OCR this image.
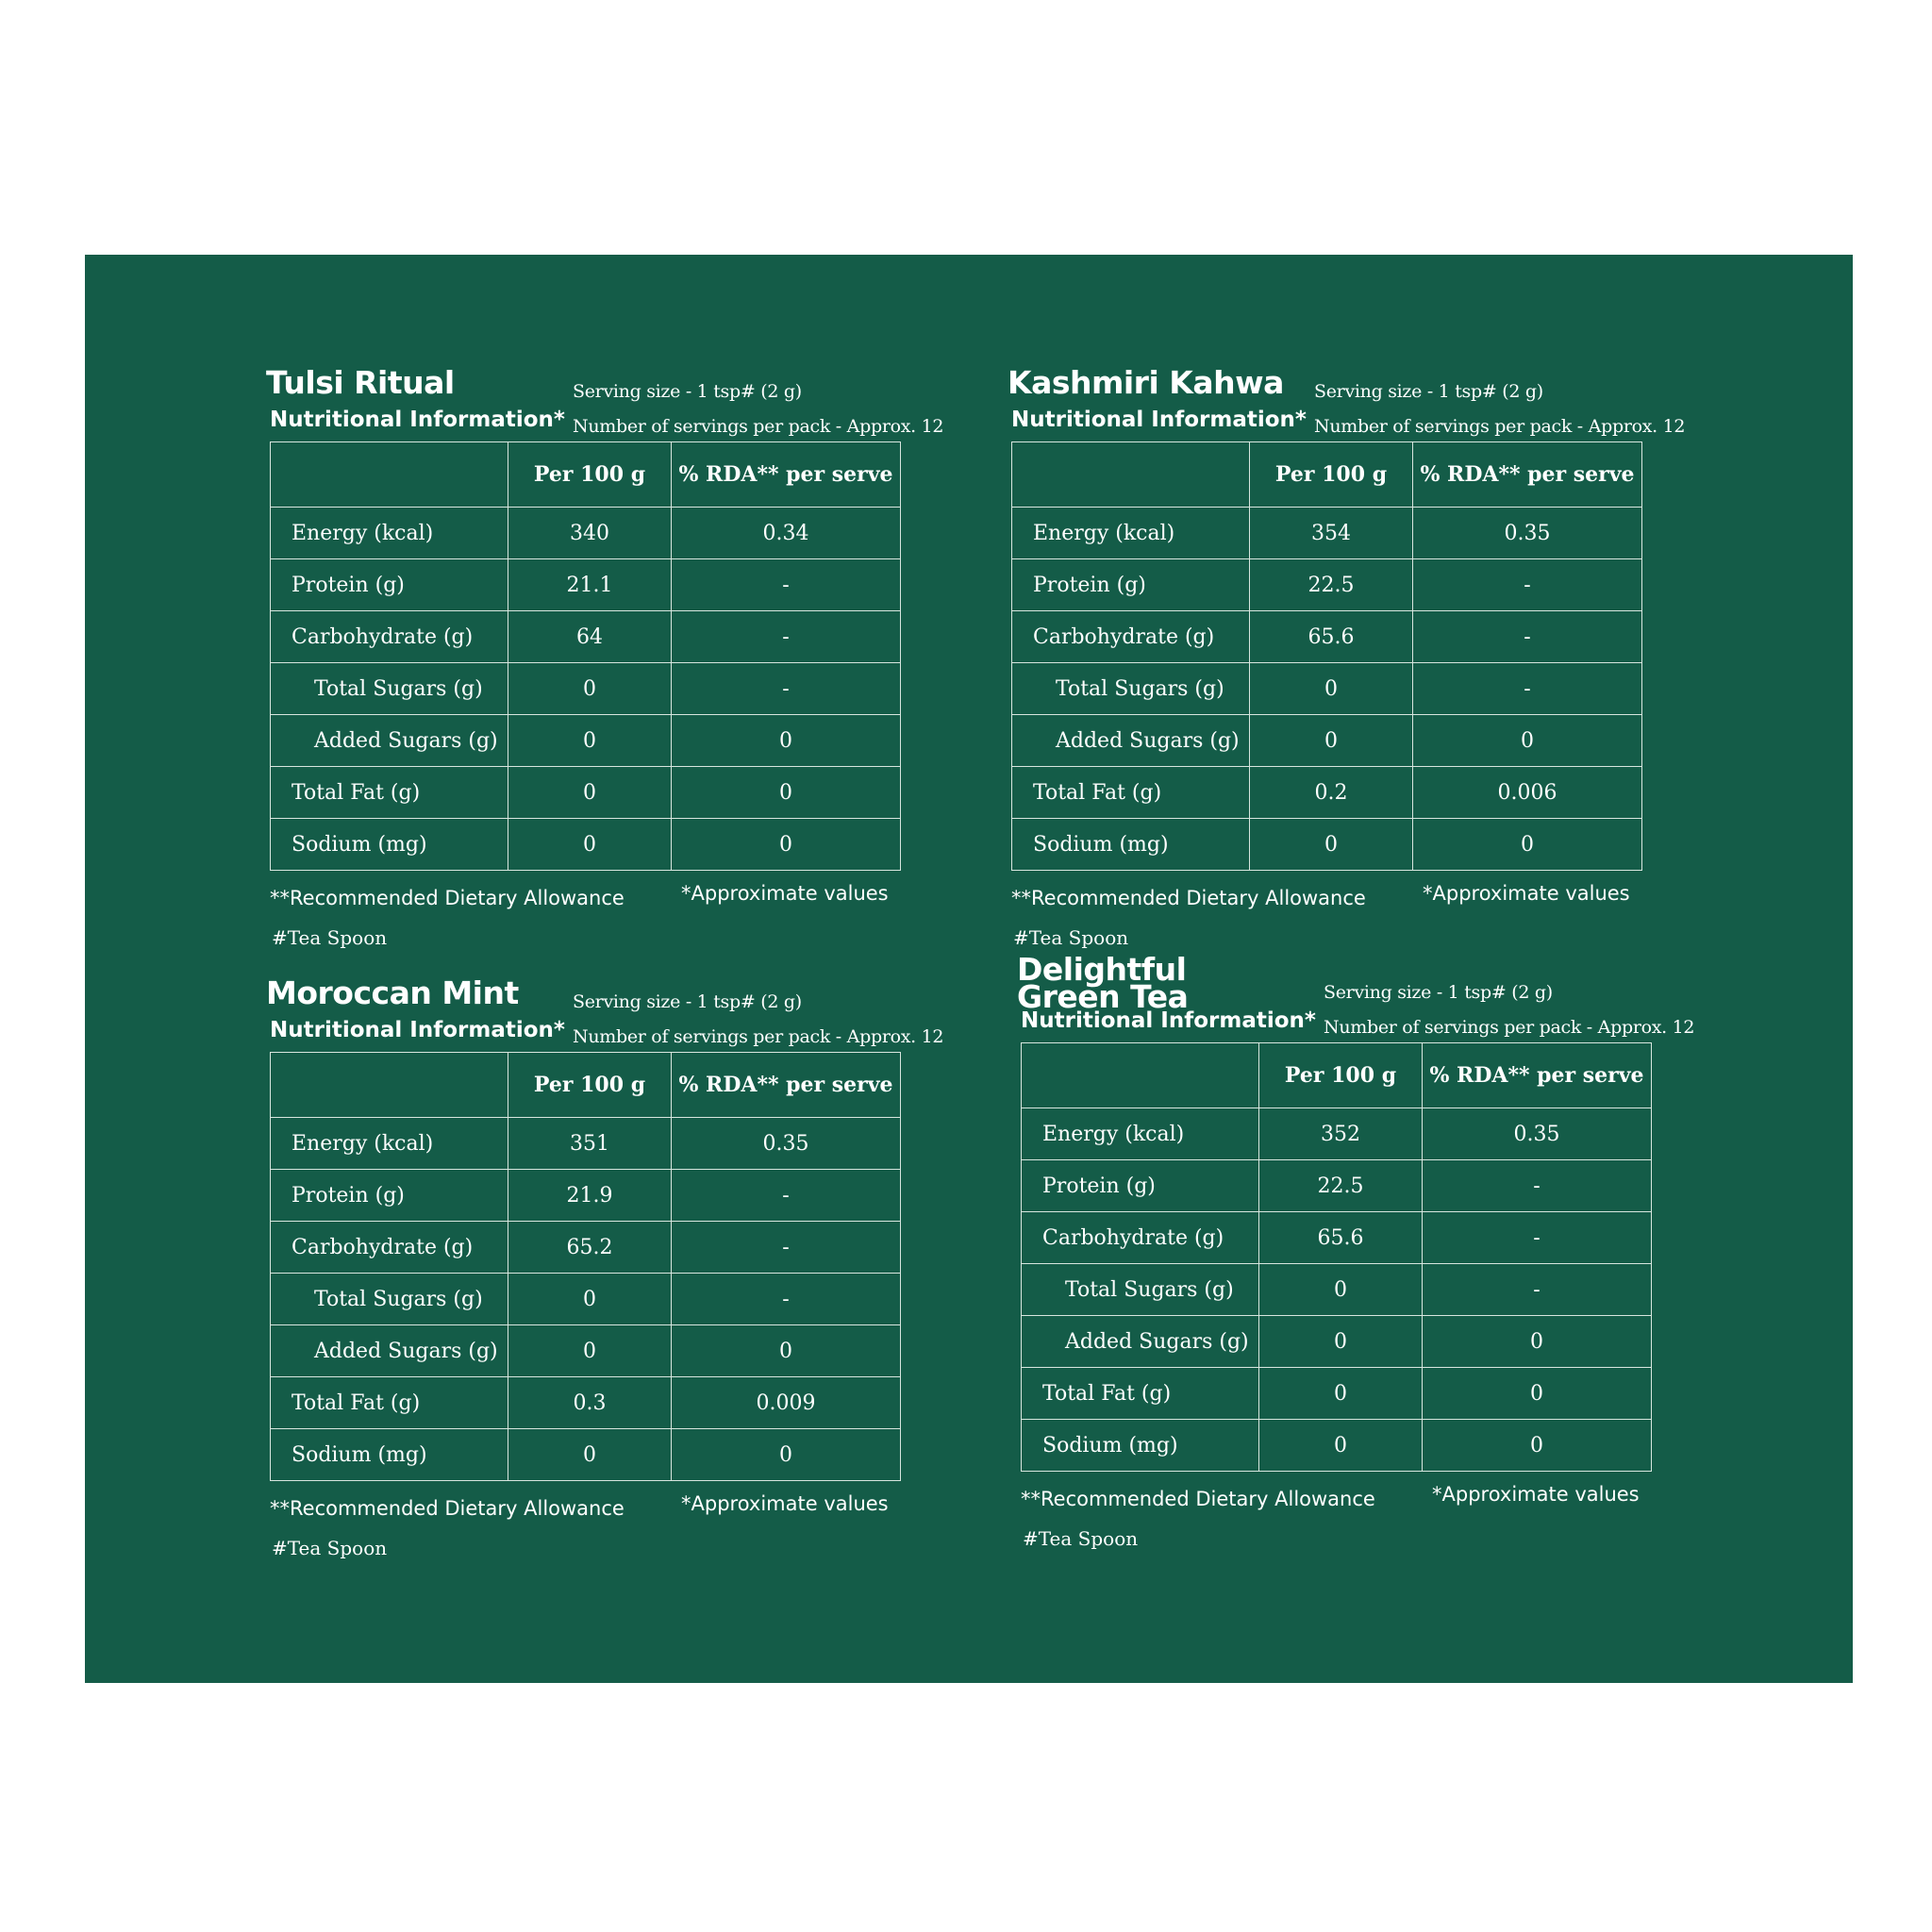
Tulsi Ritual
Nutritional Information*
Serving size - 1 tsp# (2 g)
Number of servings per pack - Approx. 12
	Per 100 g	% RDA** per serve
Energy (kcal)	340	0.34
Protein (g)	21.1	-
Carbohydrate (g)	64	-
Total Sugars (g)	0	-
Added Sugars (g)	0	0
Total Fat (g)	0	0
Sodium (mg)	0	0
**Recommended Dietary Allowance	*Approximate values
#Tea Spoon
Kashmiri Kahwa
Nutritional Information*
Serving size - 1 tsp# (2 g)
Number of servings per pack - Approx. 12
	Per 100 g	% RDA** per serve
Energy (kcal)	354	0.35
Protein (g)	22.5	-
Carbohydrate (g)	65.6	-
Total Sugars (g)	0	-
Added Sugars (g)	0	0
Total Fat (g)	0.2	0.006
Sodium (mg)	0	0
**Recommended Dietary Allowance	*Approximate values
#Tea Spoon
Moroccan Mint
Nutritional Information*
Serving size - 1 tsp# (2 g)
Number of servings per pack - Approx. 12
	Per 100 g	% RDA** per serve
Energy (kcal)	351	0.35
Protein (g)	21.9	-
Carbohydrate (g)	65.2	-
Total Sugars (g)	0	-
Added Sugars (g)	0	0
Total Fat (g)	0.3	0.009
Sodium (mg)	0	0
**Recommended Dietary Allowance	*Approximate values
#Tea Spoon
Delightful Green Tea
Nutritional Information*
Serving size - 1 tsp# (2 g)
Number of servings per pack - Approx. 12
	Per 100 g	% RDA** per serve
Energy (kcal)	352	0.35
Protein (g)	22.5	-
Carbohydrate (g)	65.6	-
Total Sugars (g)	0	-
Added Sugars (g)	0	0
Total Fat (g)	0	0
Sodium (mg)	0	0
**Recommended Dietary Allowance	*Approximate values
#Tea Spoon
